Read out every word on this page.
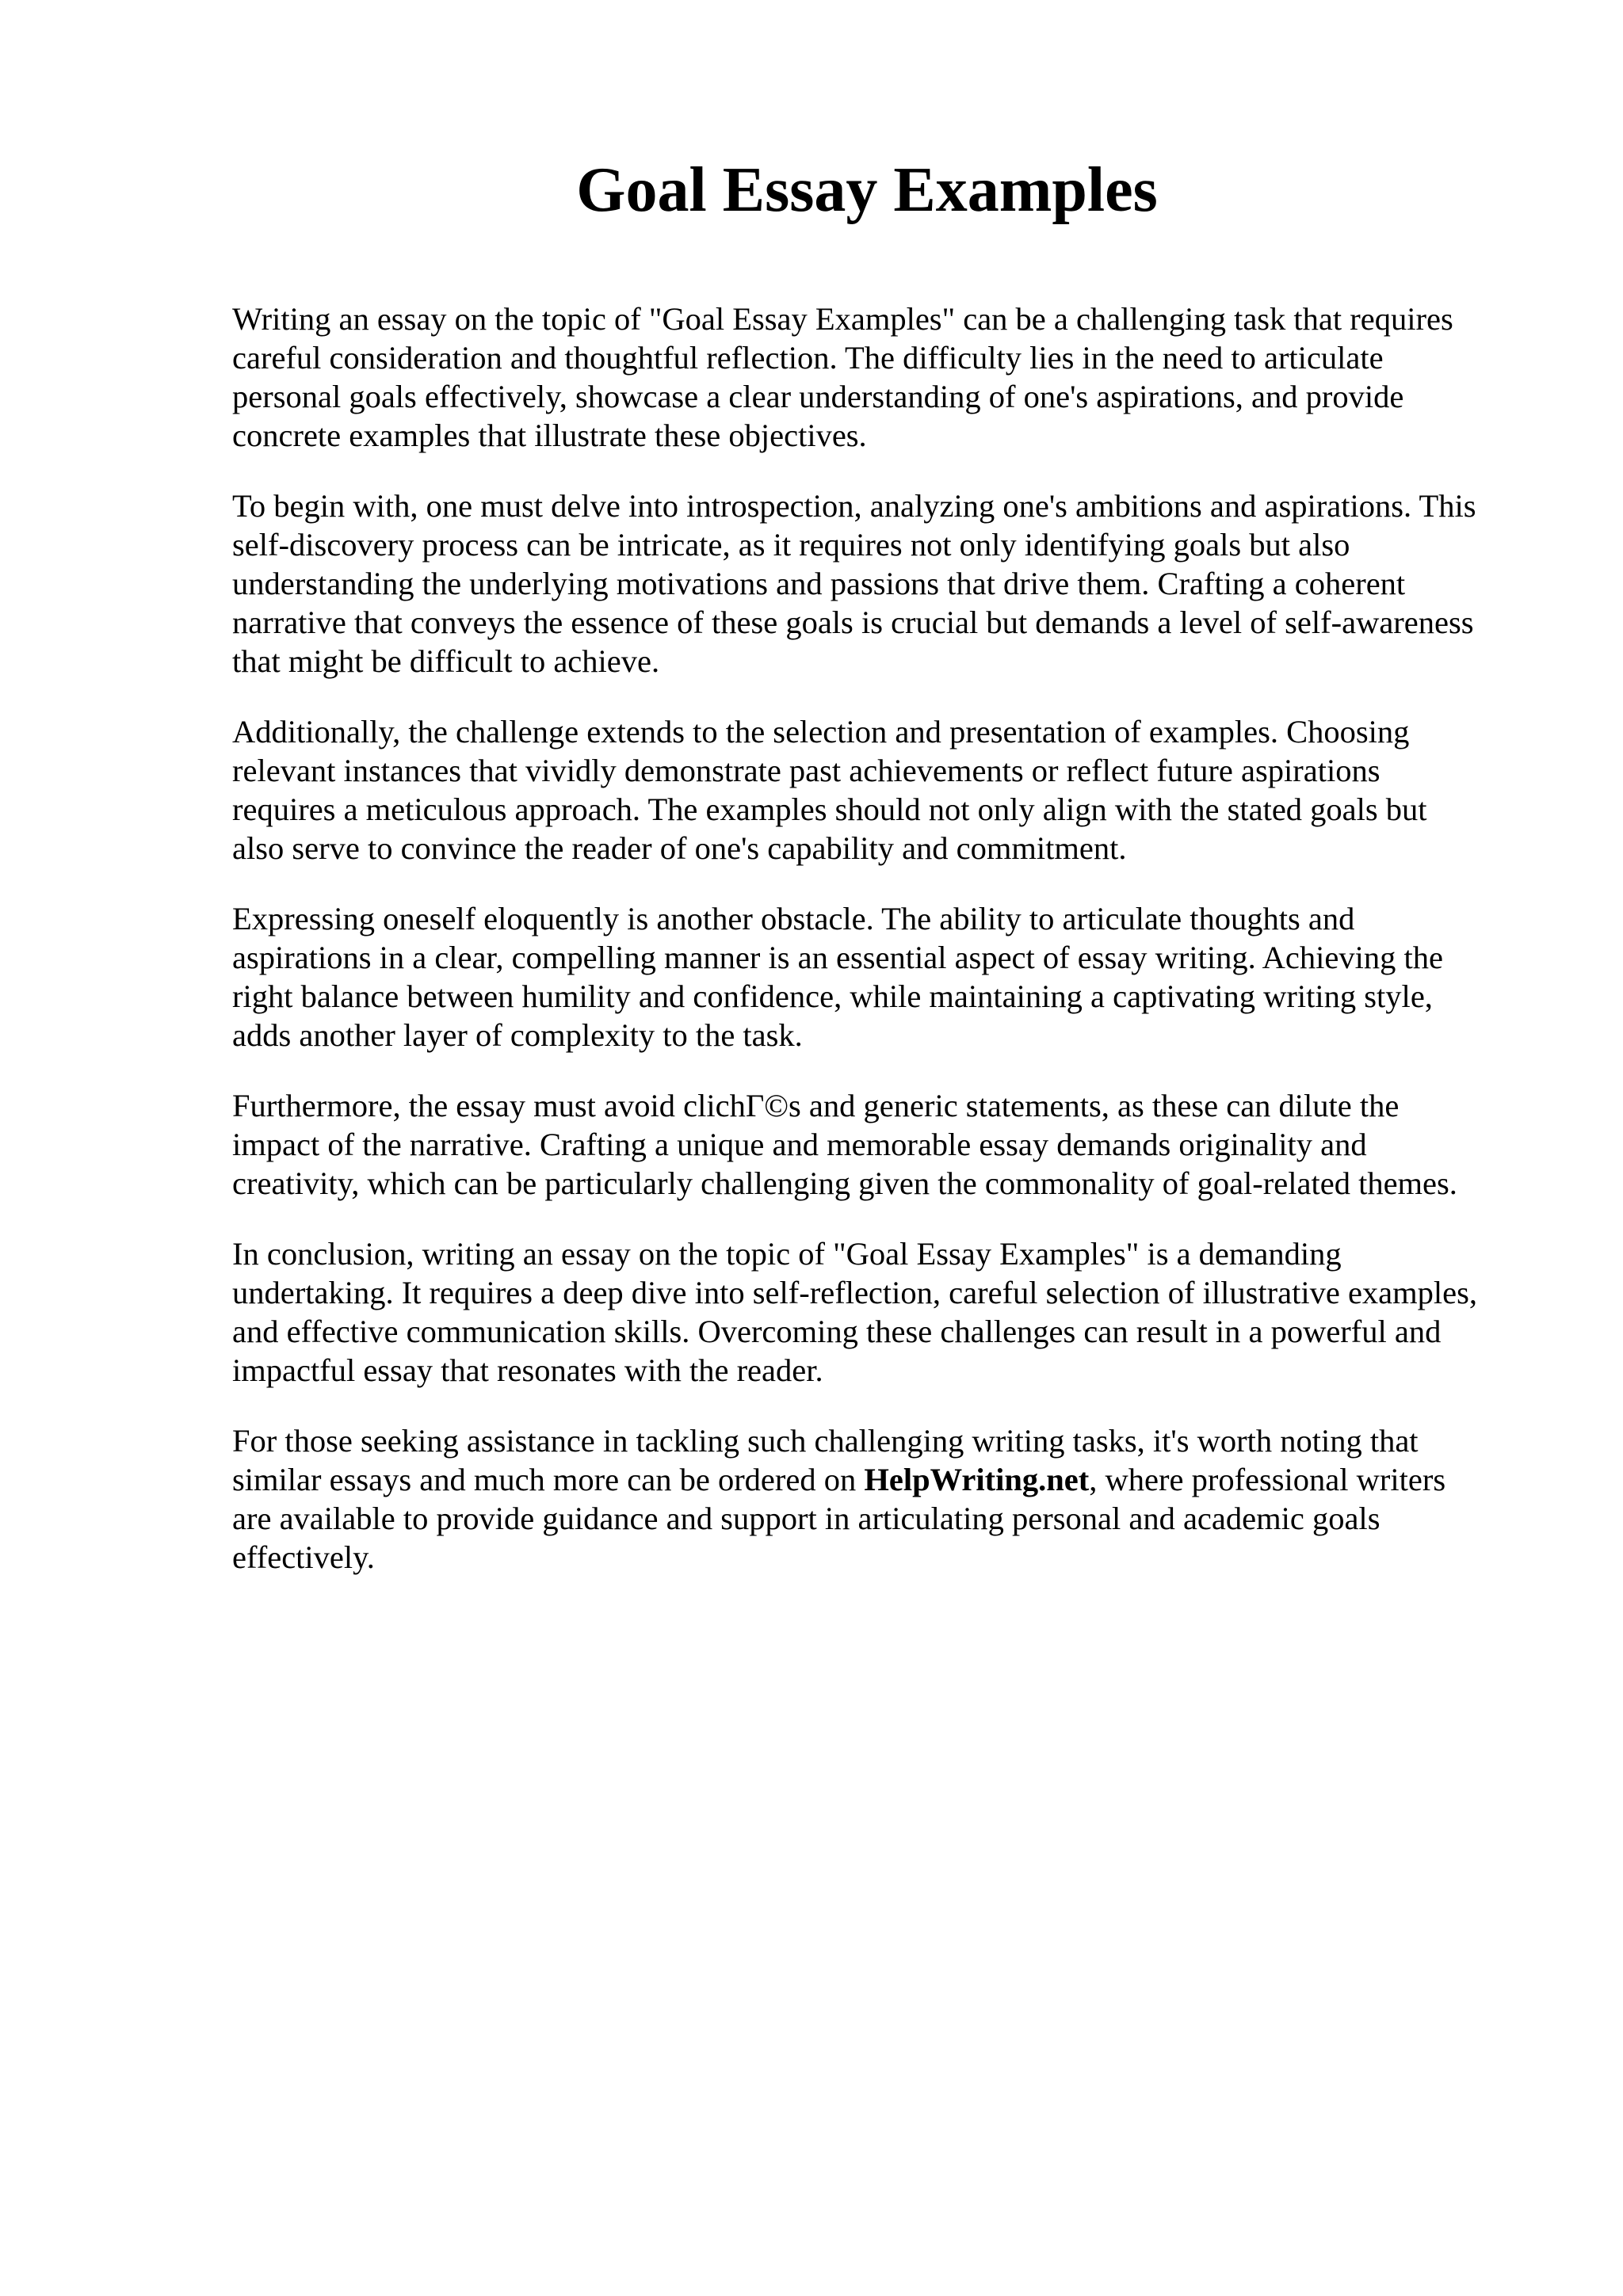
Goal Essay Examples

Writing an essay on the topic of "Goal Essay Examples" can be a challenging task that requires
careful consideration and thoughtful reflection. The difficulty lies in the need to articulate
personal goals effectively, showcase a clear understanding of one's aspirations, and provide
concrete examples that illustrate these objectives.

To begin with, one must delve into introspection, analyzing one's ambitions and aspirations. This
self-discovery process can be intricate, as it requires not only identifying goals but also
understanding the underlying motivations and passions that drive them. Crafting a coherent
narrative that conveys the essence of these goals is crucial but demands a level of self-awareness
that might be difficult to achieve.

Additionally, the challenge extends to the selection and presentation of examples. Choosing
relevant instances that vividly demonstrate past achievements or reflect future aspirations
requires a meticulous approach. The examples should not only align with the stated goals but
also serve to convince the reader of one's capability and commitment.

Expressing oneself eloquently is another obstacle. The ability to articulate thoughts and
aspirations in a clear, compelling manner is an essential aspect of essay writing. Achieving the
right balance between humility and confidence, while maintaining a captivating writing style,
adds another layer of complexity to the task.

Furthermore, the essay must avoid clichГ©s and generic statements, as these can dilute the
impact of the narrative. Crafting a unique and memorable essay demands originality and
creativity, which can be particularly challenging given the commonality of goal-related themes.

In conclusion, writing an essay on the topic of "Goal Essay Examples" is a demanding
undertaking. It requires a deep dive into self-reflection, careful selection of illustrative examples,
and effective communication skills. Overcoming these challenges can result in a powerful and
impactful essay that resonates with the reader.

For those seeking assistance in tackling such challenging writing tasks, it's worth noting that
similar essays and much more can be ordered on HelpWriting.net, where professional writers
are available to provide guidance and support in articulating personal and academic goals
effectively.
